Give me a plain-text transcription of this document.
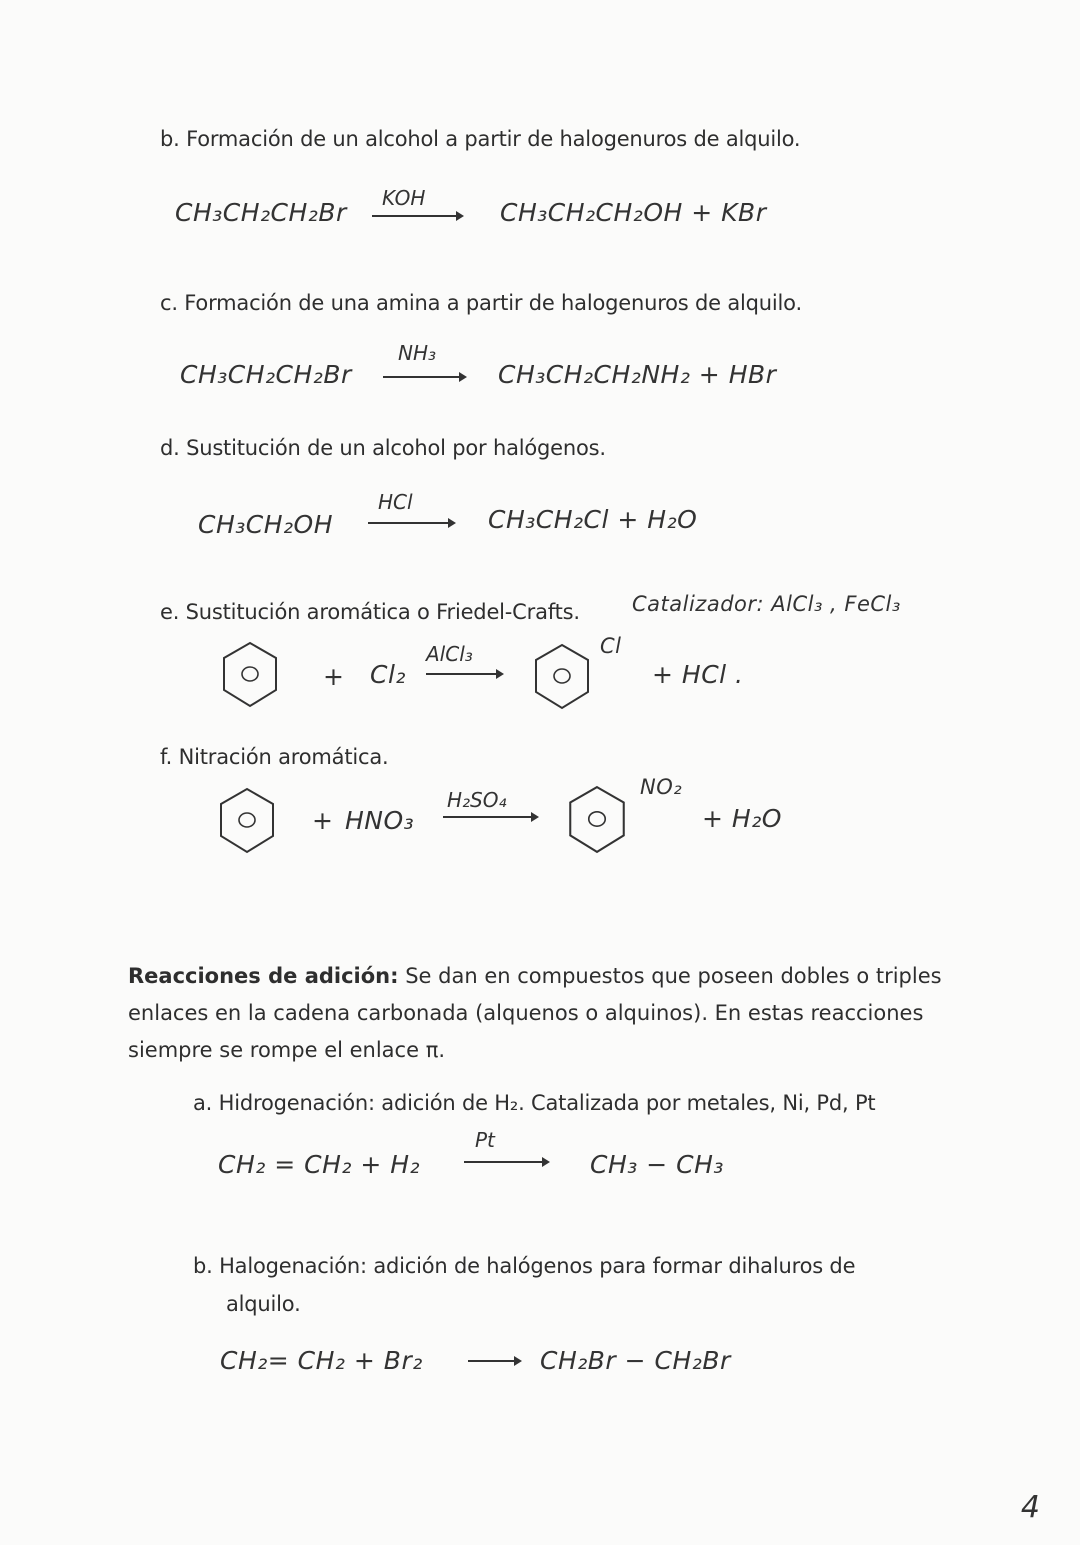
b. Formación de un alcohol a partir de halogenuros de alquilo.
CH₃CH₂CH₂Br KOH	CH₃CH₂CH₂OH + KBr
c. Formación de una amina a partir de halogenuros de alquilo.
NH₃
CH₃CH₂CH₂Br	CH₃CH₂CH₂NH₂ + HBr
d. Sustitución de un alcohol por halógenos.
HCl
CH₃CH₂OH	CH₃CH₂Cl + H₂O
e. Sustitución aromática o Friedel-Crafts. Catalizador: AlCl₃ , FeCl₃
+ Cl₂
AlCl₃	Cl
+ HCl .
f. Nitración aromática.
+ HNO₃
H₂SO₄
NO₂
+ H₂O
Reacciones de adición: Se dan en compuestos que poseen dobles o triples enlaces en la cadena carbonada (alquenos o alquinos). En estas reacciones siempre se rompe el enlace π.
a. Hidrogenación: adición de H₂. Catalizada por metales, Ni, Pd, Pt
Pt
CH₂ = CH₂ + H₂	CH₃ − CH₃
b. Halogenación: adición de halógenos para formar dihaluros de
alquilo.
CH₂= CH₂ + Br₂	CH₂Br − CH₂Br
4
